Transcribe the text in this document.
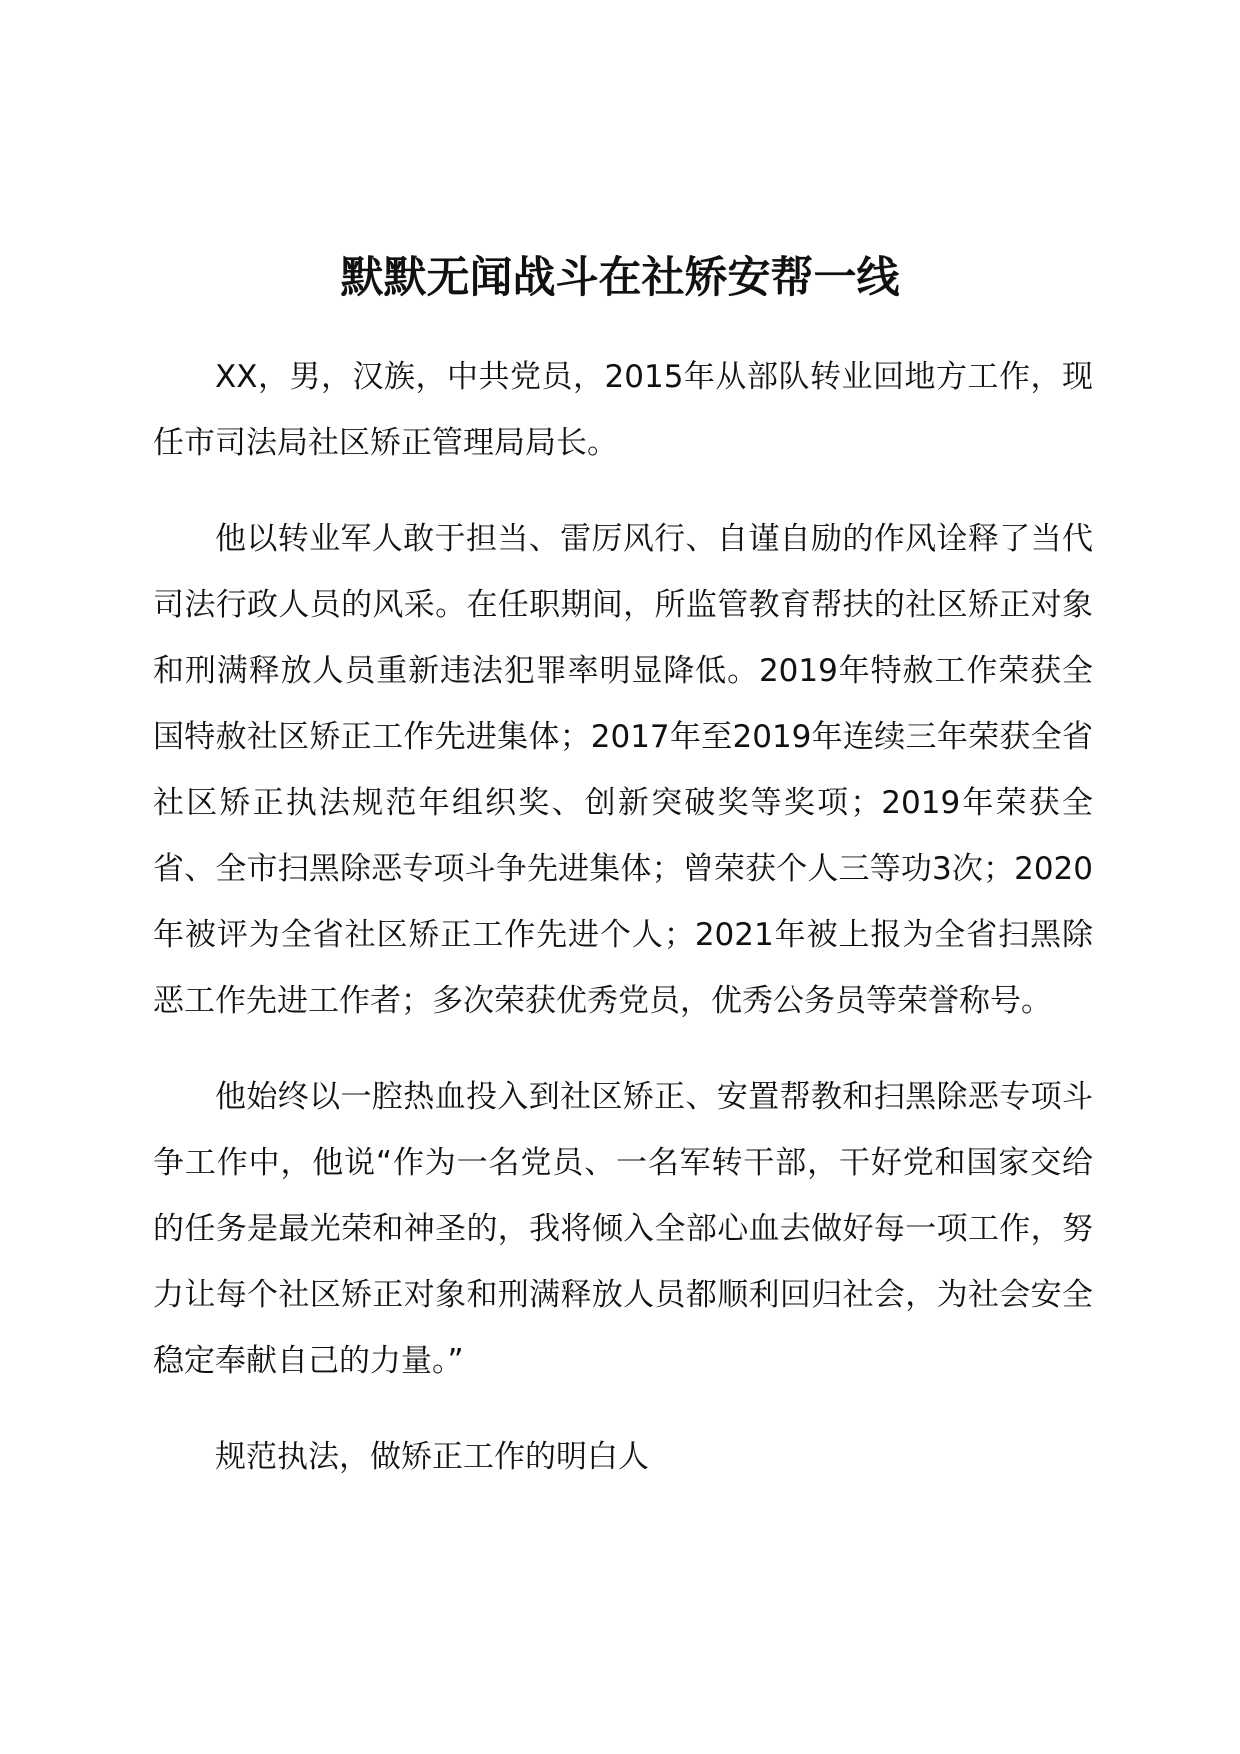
默默无闻战斗在社矫安帮一线

XX，男，汉族，中共党员，2015年从部队转业回地方工作，现任市司法局社区矫正管理局局长。

他以转业军人敢于担当、雷厉风行、自谨自励的作风诠释了当代司法行政人员的风采。在任职期间，所监管教育帮扶的社区矫正对象和刑满释放人员重新违法犯罪率明显降低。2019年特赦工作荣获全国特赦社区矫正工作先进集体；2017年至2019年连续三年荣获全省社区矫正执法规范年组织奖、创新突破奖等奖项；2019年荣获全省、全市扫黑除恶专项斗争先进集体；曾荣获个人三等功3次；2020年被评为全省社区矫正工作先进个人；2021年被上报为全省扫黑除恶工作先进工作者；多次荣获优秀党员，优秀公务员等荣誉称号。

他始终以一腔热血投入到社区矫正、安置帮教和扫黑除恶专项斗争工作中，他说“作为一名党员、一名军转干部，干好党和国家交给的任务是最光荣和神圣的，我将倾入全部心血去做好每一项工作，努力让每个社区矫正对象和刑满释放人员都顺利回归社会，为社会安全稳定奉献自己的力量。”

规范执法，做矫正工作的明白人
